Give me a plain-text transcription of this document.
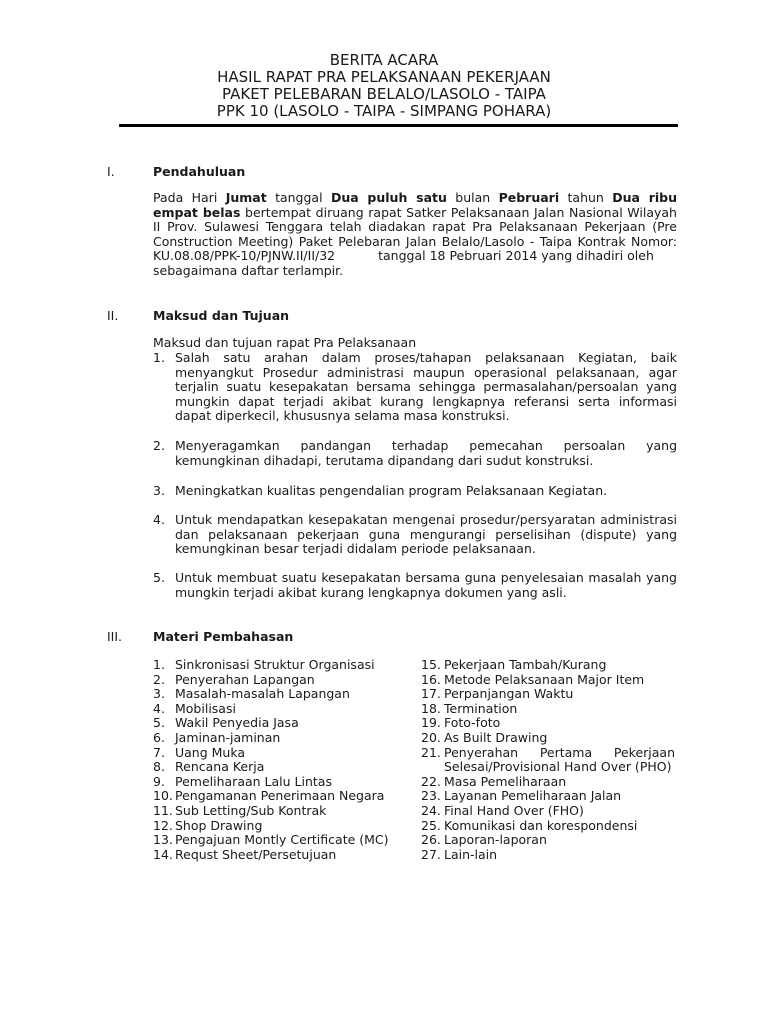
BERITA ACARA
HASIL RAPAT PRA PELAKSANAAN PEKERJAAN
PAKET PELEBARAN BELALO/LASOLO - TAIPA
PPK 10 (LASOLO - TAIPA - SIMPANG POHARA)
I.	Pendahuluan
Pada Hari Jumat tanggal Dua puluh satu bulan Pebruari tahun Dua ribu
empat belas bertempat diruang rapat Satker Pelaksanaan Jalan Nasional Wilayah
II Prov. Sulawesi Tenggara telah diadakan rapat Pra Pelaksanaan Pekerjaan (Pre
Construction Meeting) Paket Pelebaran Jalan Belalo/Lasolo - Taipa Kontrak Nomor:
KU.08.08/PPK-10/PJNW.II/II/32	tanggal 18 Pebruari 2014 yang dihadiri oleh
sebagaimana daftar terlampir.
II.	Maksud dan Tujuan
Maksud dan tujuan rapat Pra Pelaksanaan
1. Salah satu arahan dalam proses/tahapan pelaksanaan Kegiatan, baik
menyangkut Prosedur administrasi maupun operasional pelaksanaan, agar
terjalin suatu kesepakatan bersama sehingga permasalahan/persoalan yang
mungkin dapat terjadi akibat kurang lengkapnya referansi serta informasi
dapat diperkecil, khususnya selama masa konstruksi.
2. Menyeragamkan pandangan terhadap pemecahan persoalan yang
kemungkinan dihadapi, terutama dipandang dari sudut konstruksi.
3. Meningkatkan kualitas pengendalian program Pelaksanaan Kegiatan.
4. Untuk mendapatkan kesepakatan mengenai prosedur/persyaratan administrasi
dan pelaksanaan pekerjaan guna mengurangi perselisihan (dispute) yang
kemungkinan besar terjadi didalam periode pelaksanaan.
5. Untuk membuat suatu kesepakatan bersama guna penyelesaian masalah yang
mungkin terjadi akibat kurang lengkapnya dokumen yang asli.
III. Materi Pembahasan
1. Sinkronisasi Struktur Organisasi
2. Penyerahan Lapangan
3. Masalah-masalah Lapangan
4. Mobilisasi
5. Wakil Penyedia Jasa
6. Jaminan-jaminan
7. Uang Muka
8. Rencana Kerja
9. Pemeliharaan Lalu Lintas
10. Pengamanan Penerimaan Negara
11. Sub Letting/Sub Kontrak
12. Shop Drawing
13. Pengajuan Montly Certificate (MC)
14. Requst Sheet/Persetujuan
15. Pekerjaan Tambah/Kurang
16. Metode Pelaksanaan Major Item
17. Perpanjangan Waktu
18. Termination
19. Foto-foto
20. As Built Drawing
21. Penyerahan Pertama Pekerjaan
Selesai/Provisional Hand Over (PHO)
22. Masa Pemeliharaan
23. Layanan Pemeliharaan Jalan
24. Final Hand Over (FHO)
25. Komunikasi dan korespondensi
26. Laporan-laporan
27. Lain-lain
